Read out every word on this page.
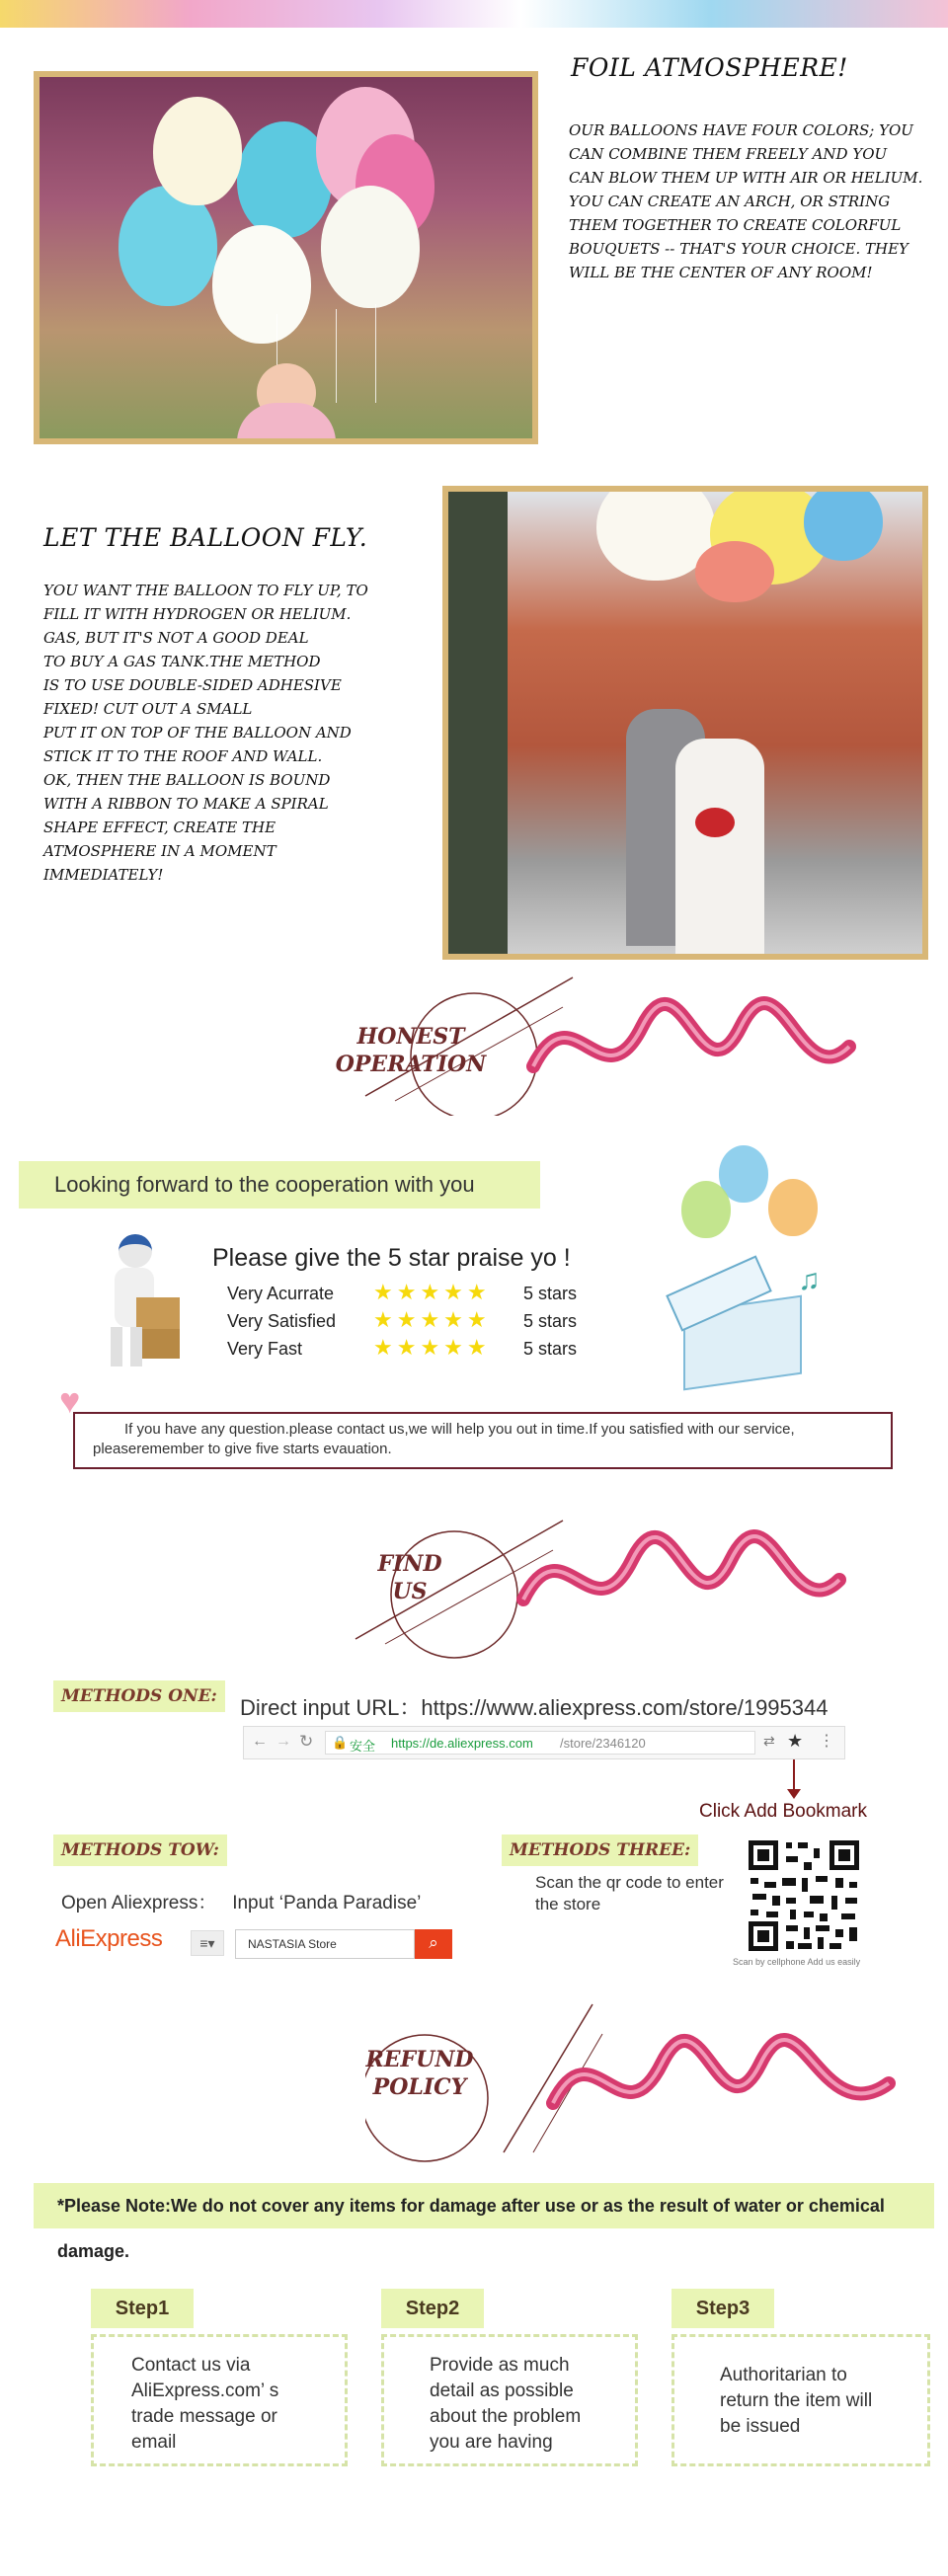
FOIL ATMOSPHERE!
OUR BALLOONS HAVE FOUR COLORS; YOU
CAN COMBINE THEM FREELY AND YOU
CAN BLOW THEM UP WITH AIR OR HELIUM.
YOU CAN CREATE AN ARCH, OR STRING
THEM TOGETHER TO CREATE COLORFUL
BOUQUETS -- THAT'S YOUR CHOICE. THEY
WILL BE THE CENTER OF ANY ROOM!
LET THE BALLOON FLY.
YOU WANT THE BALLOON TO FLY UP, TO
FILL IT WITH HYDROGEN OR HELIUM.
GAS, BUT IT'S NOT A GOOD DEAL
TO BUY A GAS TANK.THE METHOD
IS TO USE DOUBLE-SIDED ADHESIVE
FIXED! CUT OUT A SMALL
PUT IT ON TOP OF THE BALLOON AND
STICK IT TO THE ROOF AND WALL.
OK, THEN THE BALLOON IS BOUND
WITH A RIBBON TO MAKE A SPIRAL
SHAPE EFFECT, CREATE THE
ATMOSPHERE IN A MOMENT
IMMEDIATELY!
HONEST
OPERATION
Looking forward to the cooperation with you
Please give the 5 star praise yo !
Very Acurrate ★★★★★ 5 stars
Very Satisfied ★★★★★ 5 stars
Very Fast	★★★★★ 5 stars
♫
♥
If you have any question.please contact us,we will help you out in time.If you satisfied with our service,
pleaseremember to give five starts evauation.
FIND
US
METHODS ONE:	Direct input URL：https://www.aliexpress.com/store/1995344
← → ↻ 🔒 安全 https://de.aliexpress.com /store/2346120	⇄ ★ ⋮
Click Add Bookmark
METHODS TOW:
Open Aliexpress：   Input ‘Panda Paradise’
AliExpress	≡▾	NASTASIA Store	⌕
METHODS THREE:
Scan the qr code to enter
the store
Scan by cellphone Add us easily
REFUND
POLICY
*Please Note:We do not cover any items for damage after use or as the result of water or chemical damage.
Step1
Contact us via
AliExpress.com’ s
trade message or
email
Step2
Provide as much
detail as possible
about the problem
you are having
Step3
Authoritarian to
return the item will
be issued
